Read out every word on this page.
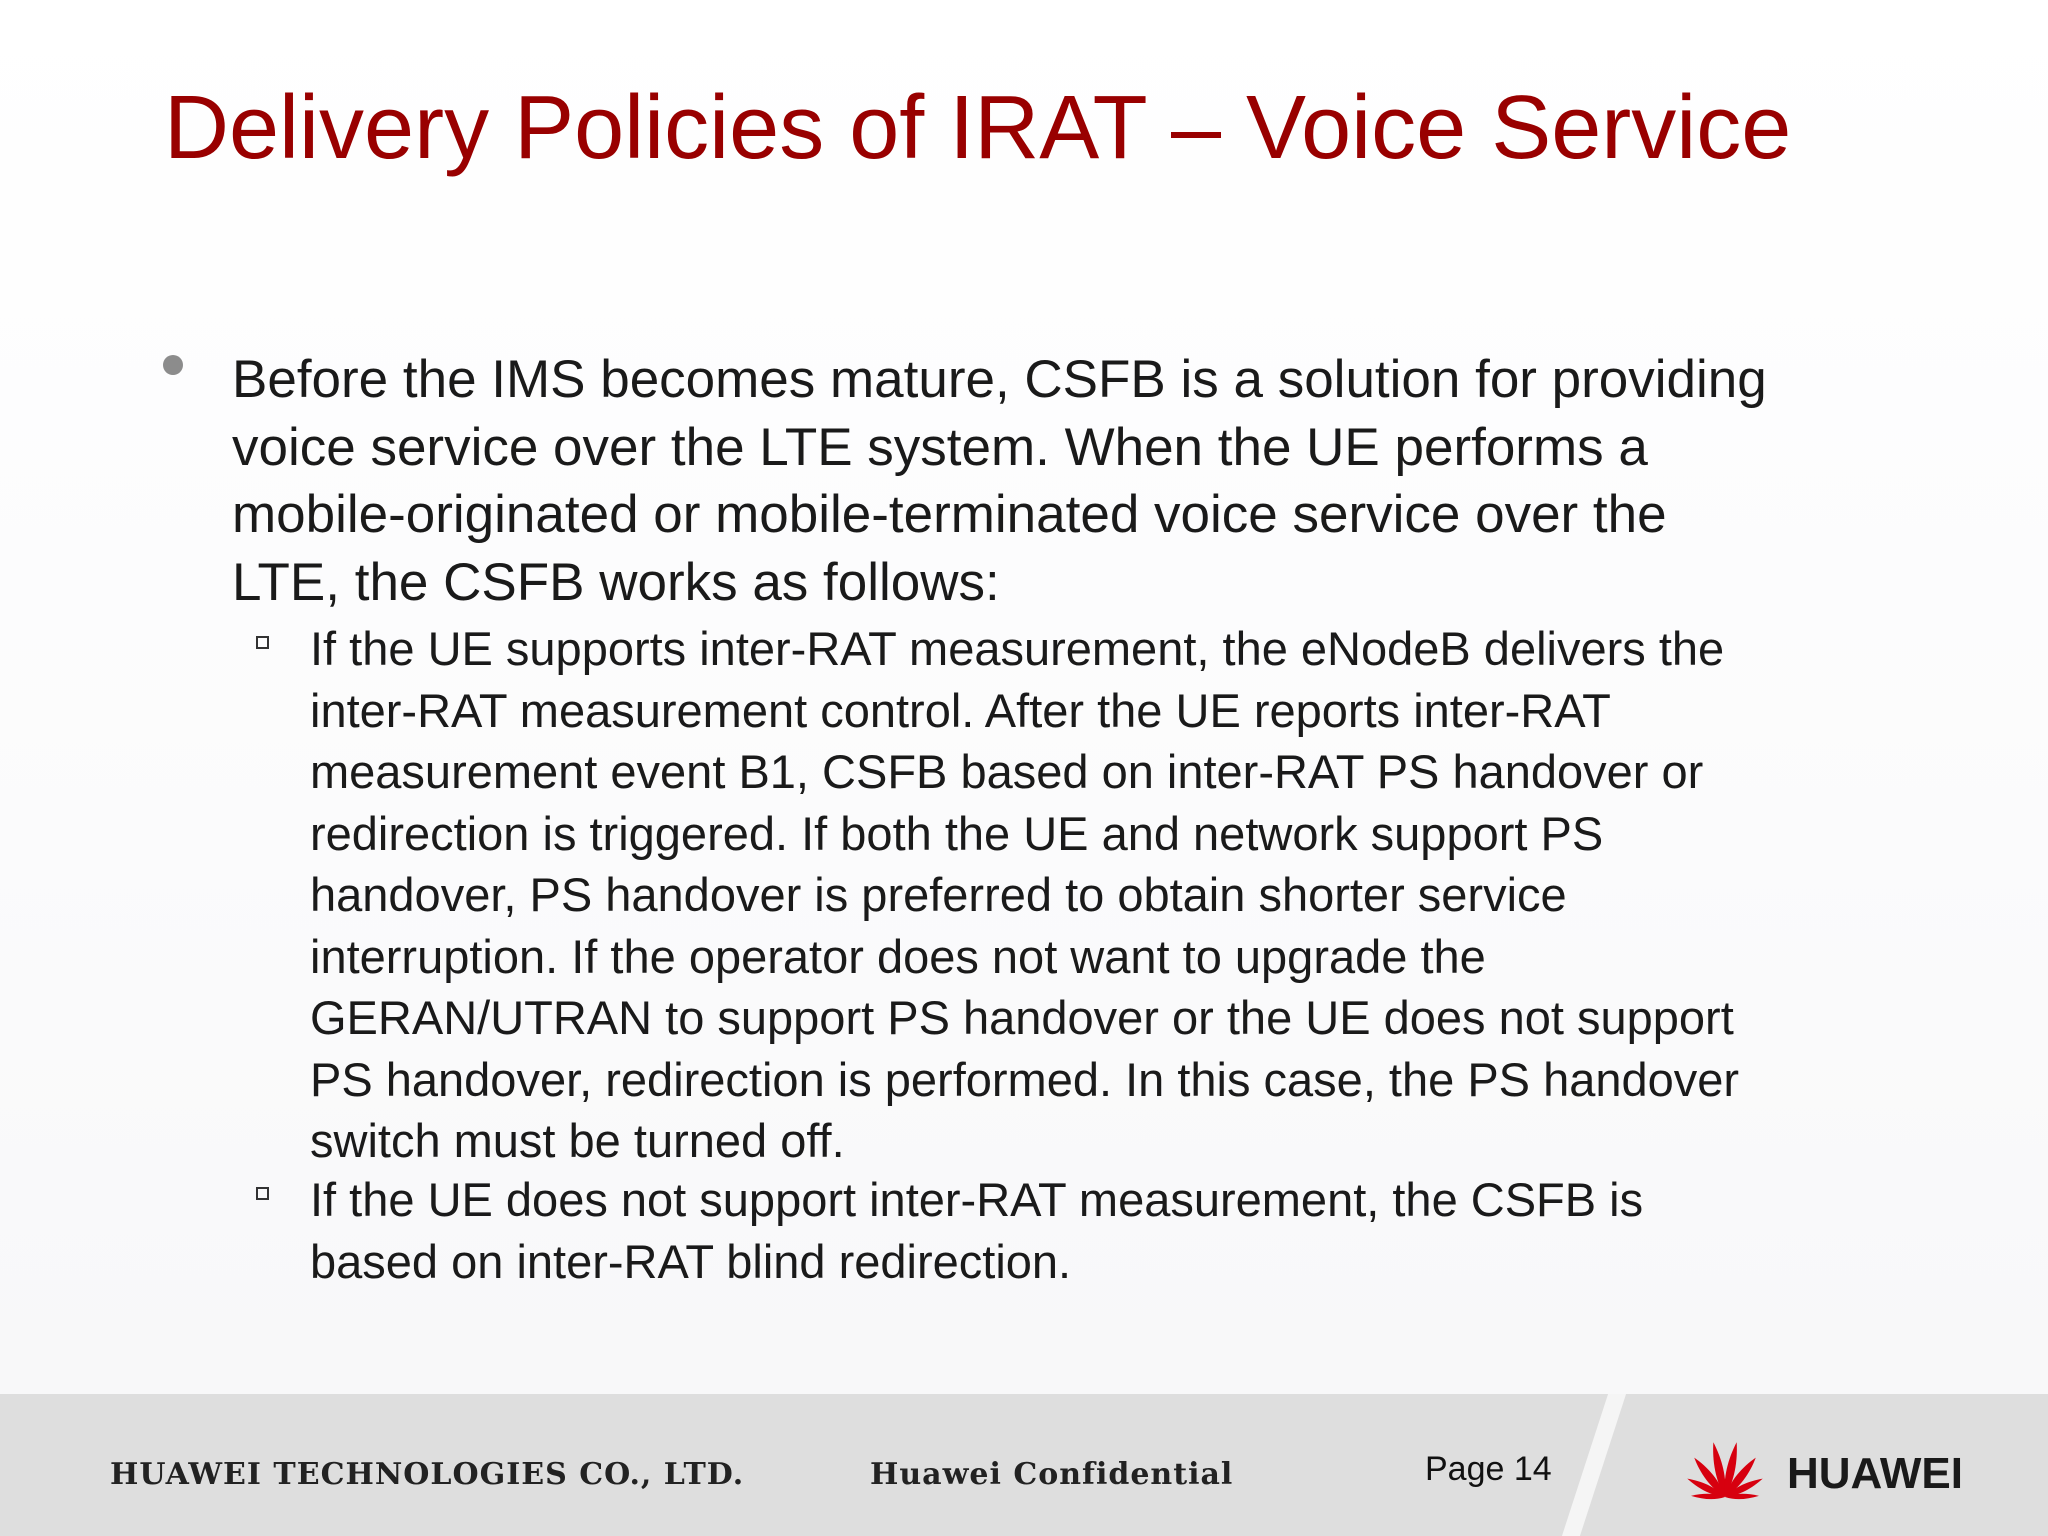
Delivery Policies of IRAT – Voice Service
Before the IMS becomes mature, CSFB is a solution for providing
voice service over the LTE system. When the UE performs a
mobile-originated or mobile-terminated voice service over the
LTE, the CSFB works as follows:
If the UE supports inter-RAT measurement, the eNodeB delivers the
inter-RAT measurement control. After the UE reports inter-RAT
measurement event B1, CSFB based on inter-RAT PS handover or
redirection is triggered. If both the UE and network support PS
handover, PS handover is preferred to obtain shorter service
interruption. If the operator does not want to upgrade the
GERAN/UTRAN to support PS handover or the UE does not support
PS handover, redirection is performed. In this case, the PS handover
switch must be turned off.
If the UE does not support inter-RAT measurement, the CSFB is
based on inter-RAT blind redirection.
HUAWEI TECHNOLOGIES CO., LTD.	Huawei Confidential	Page 14	HUAWEI
